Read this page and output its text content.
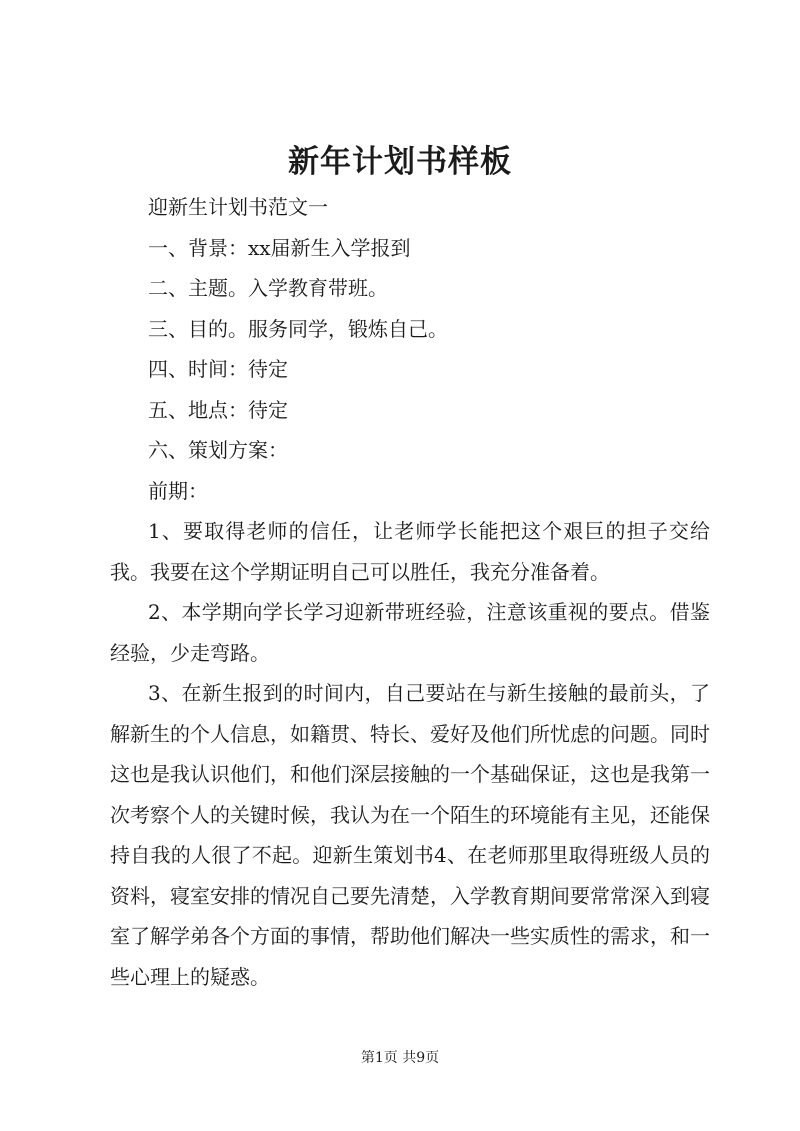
新年计划书样板
迎新生计划书范文一
一、背景：xx届新生入学报到
二、主题。入学教育带班。
三、目的。服务同学，锻炼自己。
四、时间：待定
五、地点：待定
六、策划方案：
前期：
1、要取得老师的信任，让老师学长能把这个艰巨的担子交给我。我要在这个学期证明自己可以胜任，我充分准备着。
2、本学期向学长学习迎新带班经验，注意该重视的要点。借鉴经验，少走弯路。
3、在新生报到的时间内，自己要站在与新生接触的最前头，了解新生的个人信息，如籍贯、特长、爱好及他们所忧虑的问题。同时这也是我认识他们，和他们深层接触的一个基础保证，这也是我第一次考察个人的关键时候，我认为在一个陌生的环境能有主见，还能保持自我的人很了不起。迎新生策划书4、在老师那里取得班级人员的资料，寝室安排的情况自己要先清楚，入学教育期间要常常深入到寝室了解学弟各个方面的事情，帮助他们解决一些实质性的需求，和一些心理上的疑惑。
第1页 共9页
